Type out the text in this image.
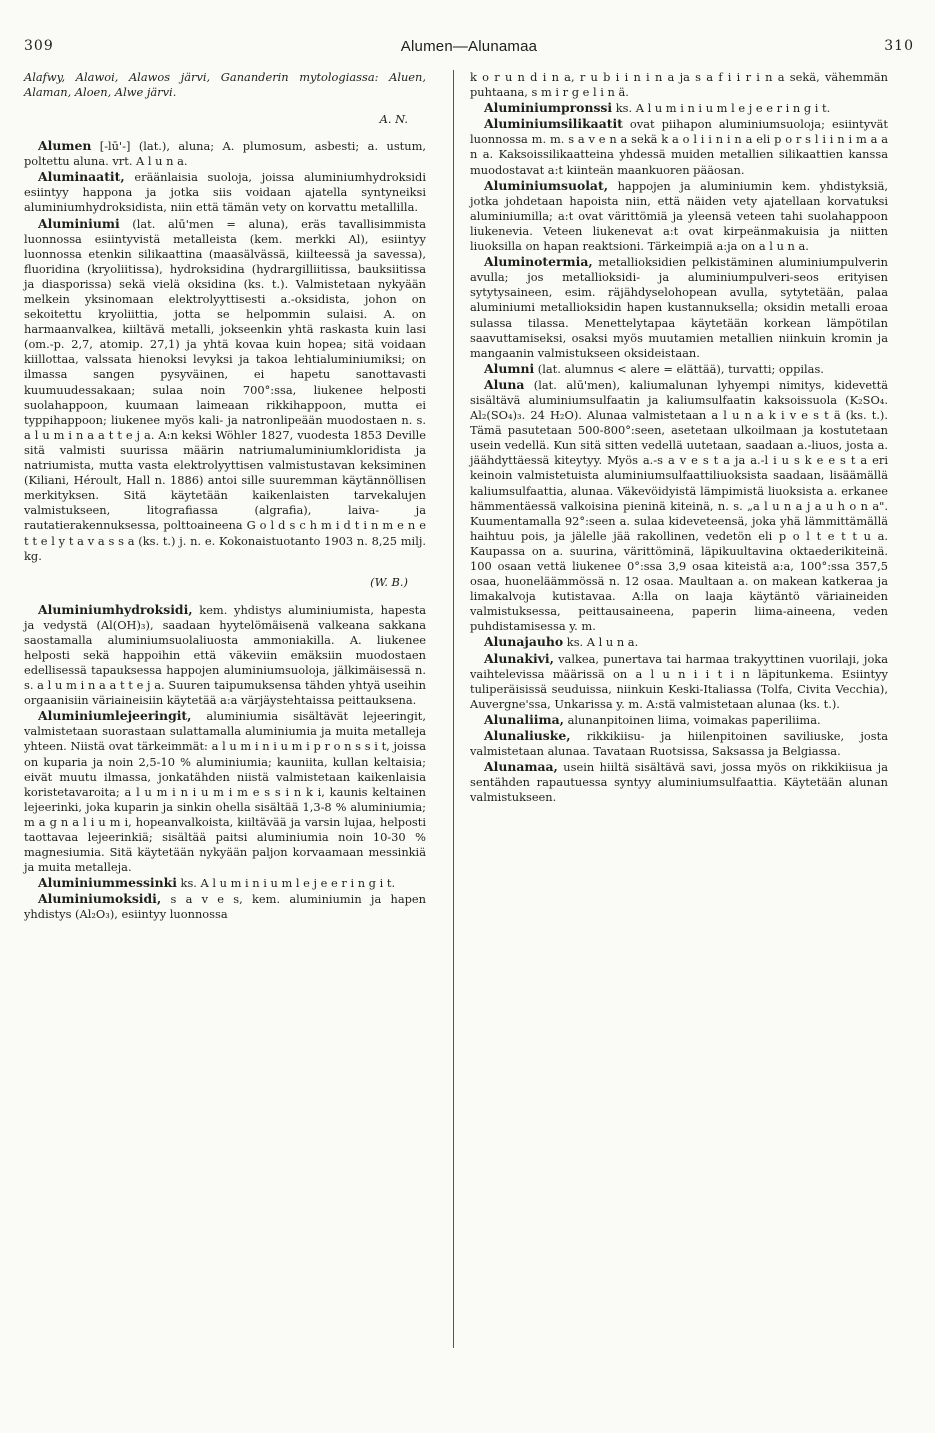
309	Alumen—Alunamaa	310

Alafwy, Alawoi, Alawos järvi, Gananderin mytologiassa: Aluen, Alaman, Aloen, Alwe järvi.

A. N.

Alumen [-lū'-] (lat.), aluna; A. plumosum, asbesti; a. ustum, poltettu aluna. vrt. A l u n a.

Aluminaatit, eräänlaisia suoloja, joissa aluminiumhydroksidi esiintyy happona ja jotka siis voidaan ajatella syntyneiksi aluminiumhydroksidista, niin että tämän vety on korvattu metallilla.

Aluminiumi (lat. alū'men = aluna), eräs tavallisimmista luonnossa esiintyvistä metalleista (kem. merkki Al), esiintyy luonnossa etenkin silikaattina (maasälvässä, kiilteessä ja savessa), fluoridina (kryoliitissa), hydroksidina (hydrargilliitissa, bauksiitissa ja diasporissa) sekä vielä oksidina (ks. t.). Valmistetaan nykyään melkein yksinomaan elektrolyyttisesti a.-oksidista, johon on sekoitettu kryoliittia, jotta se helpommin sulaisi. A. on harmaanvalkea, kiiltävä metalli, jokseenkin yhtä raskasta kuin lasi (om.-p. 2,7, atomip. 27,1) ja yhtä kovaa kuin hopea; sitä voidaan kiillottaa, valssata hienoksi levyksi ja takoa lehtialuminiumiksi; on ilmassa sangen pysyväinen, ei hapetu sanottavasti kuumuudessakaan; sulaa noin 700°:ssa, liukenee helposti suolahappoon, kuumaan laimeaan rikkihappoon, mutta ei typpihappoon; liukenee myös kali- ja natronlipeään muodostaen n. s. a l u m i n a a t t e j a. A:n keksi Wöhler 1827, vuodesta 1853 Deville sitä valmisti suurissa määrin natriumaluminiumkloridista ja natriumista, mutta vasta elektrolyyttisen valmistustavan keksiminen (Kiliani, Héroult, Hall n. 1886) antoi sille suuremman käytännöllisen merkityksen. Sitä käytetään kaikenlaisten tarvekalujen valmistukseen, litografiassa (algrafia), laiva- ja rautatierakennuksessa, polttoaineena G o l d s c h m i d t i n m e n e t t e l y t a v a s s a (ks. t.) j. n. e. Kokonaistuotanto 1903 n. 8,25 milj. kg.

(W. B.)

Aluminiumhydroksidi, kem. yhdistys aluminiumista, hapesta ja vedystä (Al(OH)₃), saadaan hyytelömäisenä valkeana sakkana saostamalla aluminiumsuolaliuosta ammoniakilla. A. liukenee helposti sekä happoihin että väkeviin emäksiin muodostaen edellisessä tapauksessa happojen aluminiumsuoloja, jälkimäisessä n. s. a l u m i n a a t t e j a. Suuren taipumuksensa tähden yhtyä useihin orgaanisiin väriaineisiin käytetää a:a värjäystehtaissa peittauksena.

Aluminiumlejeeringit, aluminiumia sisältävät lejeeringit, valmistetaan suorastaan sulattamalla aluminiumia ja muita metalleja yhteen. Niistä ovat tärkeimmät: a l u m i n i u m i p r o n s s i t, joissa on kuparia ja noin 2,5-10 % aluminiumia; kauniita, kullan keltaisia; eivät muutu ilmassa, jonkatähden niistä valmistetaan kaikenlaisia koristetavaroita; a l u m i n i u m i m e s s i n k i, kaunis keltainen lejeerinki, joka kuparin ja sinkin ohella sisältää 1,3-8 % aluminiumia; m a g n a l i u m i, hopeanvalkoista, kiiltävää ja varsin lujaa, helposti taottavaa lejeerinkiä; sisältää paitsi aluminiumia noin 10-30 % magnesiumia. Sitä käytetään nykyään paljon korvaamaan messinkiä ja muita metalleja.

Aluminiummessinki ks. A l u m i n i u m l e j e e r i n g i t.

Aluminiumoksidi, s a v e s, kem. aluminiumin ja hapen yhdistys (Al₂O₃), esiintyy luonnossa

k o r u n d i n a, r u b i i n i n a ja s a f i i r i n a sekä, vähemmän puhtaana, s m i r g e l i n ä.

Aluminiumpronssi ks. A l u m i n i u m l e j e e r i n g i t.

Aluminiumsilikaatit ovat piihapon aluminiumsuoloja; esiintyvät luonnossa m. m. s a v e n a sekä k a o l i i n i n a eli p o r s l i i n i m a a n a. Kaksoissilikaatteina yhdessä muiden metallien silikaattien kanssa muodostavat a:t kiinteän maankuoren pääosan.

Aluminiumsuolat, happojen ja aluminiumin kem. yhdistyksiä, jotka johdetaan hapoista niin, että näiden vety ajatellaan korvatuksi aluminiumilla; a:t ovat värittömiä ja yleensä veteen tahi suolahappoon liukenevia. Veteen liukenevat a:t ovat kirpeänmakuisia ja niitten liuoksilla on hapan reaktsioni. Tärkeimpiä a:ja on a l u n a.

Aluminotermia, metallioksidien pelkistäminen aluminiumpulverin avulla; jos metallioksidi- ja aluminiumpulveri-seos erityisen sytytysaineen, esim. räjähdyselohopean avulla, sytytetään, palaa aluminiumi metallioksidin hapen kustannuksella; oksidin metalli eroaa sulassa tilassa. Menettelytapaa käytetään korkean lämpötilan saavuttamiseksi, osaksi myös muutamien metallien niinkuin kromin ja mangaanin valmistukseen oksideistaan.

Alumni (lat. alumnus < alere = elättää), turvatti; oppilas.

Aluna (lat. alū'men), kaliumalunan lyhyempi nimitys, kidevettä sisältävä aluminiumsulfaatin ja kaliumsulfaatin kaksoissuola (K₂SO₄. Al₂(SO₄)₃. 24 H₂O). Alunaa valmistetaan a l u n a k i v e s t ä (ks. t.). Tämä pasutetaan 500-800°:seen, asetetaan ulkoilmaan ja kostutetaan usein vedellä. Kun sitä sitten vedellä uutetaan, saadaan a.-liuos, josta a. jäähdyttäessä kiteytyy. Myös a.-s a v e s t a ja a.-l i u s k e e s t a eri keinoin valmistetuista aluminiumsulfaattiliuoksista saadaan, lisäämällä kaliumsulfaattia, alunaa. Väkevöidyistä lämpimistä liuoksista a. erkanee hämmentäessä valkoisina pieninä kiteinä, n. s. „a l u n a j a u h o n a". Kuumentamalla 92°:seen a. sulaa kideveteensä, joka yhä lämmittämällä haihtuu pois, ja jälelle jää rakollinen, vedetön eli p o l t e t t u a. Kaupassa on a. suurina, värittöminä, läpikuultavina oktaederikiteinä. 100 osaan vettä liukenee 0°:ssa 3,9 osaa kiteistä a:a, 100°:ssa 357,5 osaa, huoneläämmössä n. 12 osaa. Maultaan a. on makean katkeraa ja limakalvoja kutistavaa. A:lla on laaja käytäntö väriaineiden valmistuksessa, peittausaineena, paperin liima-aineena, veden puhdistamisessa y. m.

Alunajauho ks. A l u n a.

Alunakivi, valkea, punertava tai harmaa trakyyttinen vuorilaji, joka vaihtelevissa määrissä on a l u n i i t i n läpitunkema. Esiintyy tuliperäisissä seuduissa, niinkuin Keski-Italiassa (Tolfa, Civita Vecchia), Auvergne'ssa, Unkarissa y. m. A:stä valmistetaan alunaa (ks. t.).

Alunaliima, alunanpitoinen liima, voimakas paperiliima.

Alunaliuske, rikkikiisu- ja hiilenpitoinen saviliuske, josta valmistetaan alunaa. Tavataan Ruotsissa, Saksassa ja Belgiassa.

Alunamaa, usein hiiltä sisältävä savi, jossa myös on rikkikiisua ja sentähden rapautuessa syntyy aluminiumsulfaattia. Käytetään alunan valmistukseen.
